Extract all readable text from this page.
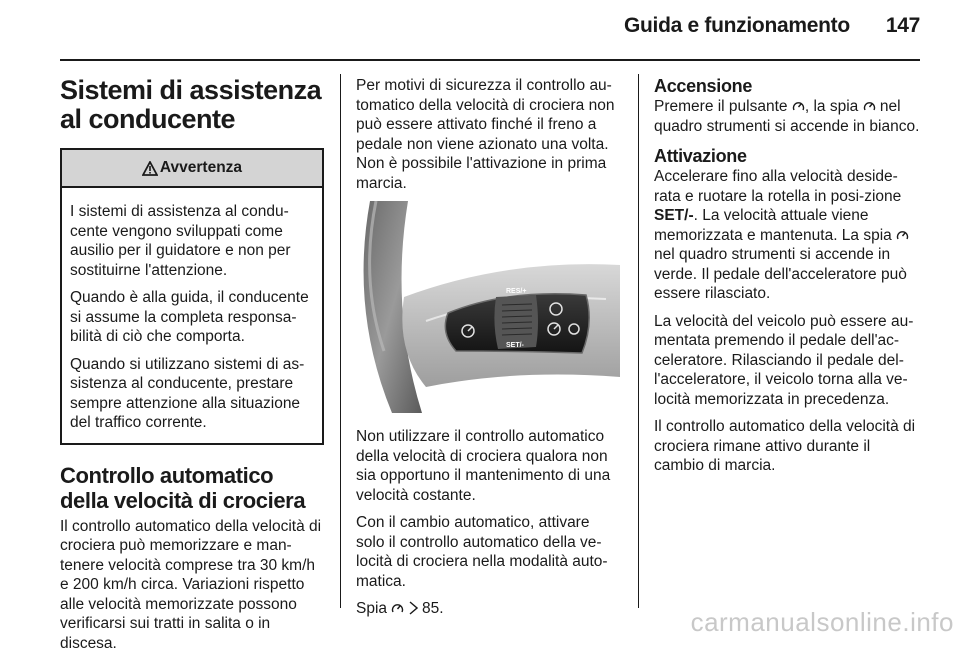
Guida e funzionamento 147
Sistemi di assistenza al conducente
Avvertenza

I sistemi di assistenza al condu-cente vengono sviluppati come ausilio per il guidatore e non per sostituirne l'attenzione.

Quando è alla guida, il conducente si assume la completa responsa-bilità di ciò che comporta.

Quando si utilizzano sistemi di as-sistenza al conducente, prestare sempre attenzione alla situazione del traffico corrente.

Controllo automatico della velocità di crociera

Il controllo automatico della velocità di crociera può memorizzare e man-tenere velocità comprese tra 30 km/h e 200 km/h circa. Variazioni rispetto alle velocità memorizzate possono verificarsi sui tratti in salita o in discesa.

Per motivi di sicurezza il controllo au-tomatico della velocità di crociera non può essere attivato finché il freno a pedale non viene azionato una volta. Non è possibile l'attivazione in prima marcia.

RES/+
SET/-

Non utilizzare il controllo automatico della velocità di crociera qualora non sia opportuno il mantenimento di una velocità costante.

Con il cambio automatico, attivare solo il controllo automatico della ve-locità di crociera nella modalità auto-matica.

Spia 85.

Accensione

Premere il pulsante , la spia nel quadro strumenti si accende in bianco.

Attivazione

Accelerare fino alla velocità deside-rata e ruotare la rotella in posi-zione SET/-. La velocità attuale viene memorizzata e mantenuta. La spia  nel quadro strumenti si accende in verde. Il pedale dell'acceleratore può essere rilasciato.

La velocità del veicolo può essere au-mentata premendo il pedale dell'ac-celeratore. Rilasciando il pedale del-l'acceleratore, il veicolo torna alla ve-locità memorizzata in precedenza.

Il controllo automatico della velocità di crociera rimane attivo durante il cambio di marcia.

carmanualsonline.info
